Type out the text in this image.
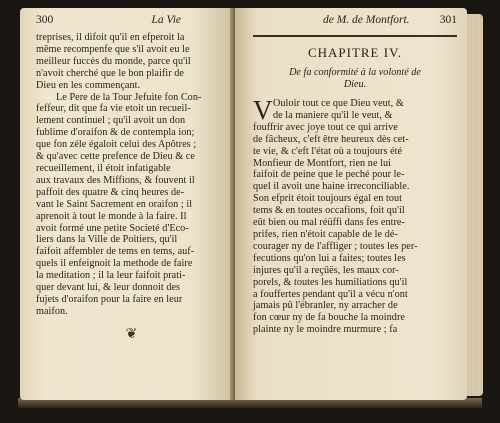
300	La Vie
treprises, il difoit qu'il en efperoit la
même recompenfe que s'il avoit eu le
meilleur fuccès du monde, parce qu'il
n'avoit cherché que le bon plaifir de
Dieu en les commençant.
Le Pere de la Tour Jefuite fon Con-
feffeur, dit que fa vie etoit un recueil-
lement continuel ; qu'il avoit un don
fublime d'oraifon & de contempla ion;
que fon zéle égaloit celui des Apôtres ;
& qu'avec cette prefence de Dieu & ce
recueillement, il étoit infatigable
aux travaux des Miffions, & fouvent il
paffoit des quatre & cinq heures de-
vant le Saint Sacrement en oraifon ; il
aprenoit à tout le monde à la faire. Il
avoit formé une petite Societé d'Eco-
liers dans la Ville de Poitiers, qu'il
faifoit affembler de tems en tems, auf-
quels il enfeignoit la methode de faire
la meditation ; il la leur faifoit prati-
quer devant lui, & leur donnoit des
fujets d'oraifon pour la faire en leur
maifon.
❦
de M. de Montfort.	301
CHAPITRE IV.
De fa conformité à la volonté de
Dieu.
V Ouloir tout ce que Dieu veut, &
de la maniere qu'il le veut, &
fouffrir avec joye tout ce qui arrive
de fâcheux, c'eft être heureux dès cet-
te vie, & c'eft l'état où a toujours été
Monfieur de Montfort, rien ne lui
faifoit de peine que le peché pour le-
quel il avoit une haine irreconciliable.
Son efprit étoit toujours égal en tout
tems & en toutes occafions, foit qu'il
eût bien ou mal réüffi dans fes entre-
prifes, rien n'étoit capable de le dé-
courager ny de l'affliger ; toutes les per-
fecutions qu'on lui a faites; toutes les
injures qu'il a reçûës, les maux cor-
porels, & toutes les humiliations qu'il
a fouffertes pendant qu'il a vécu n'ont
jamais pû l'ébranler, ny arracher de
fon cœur ny de fa bouche la moindre
plainte ny le moindre murmure ; fa
